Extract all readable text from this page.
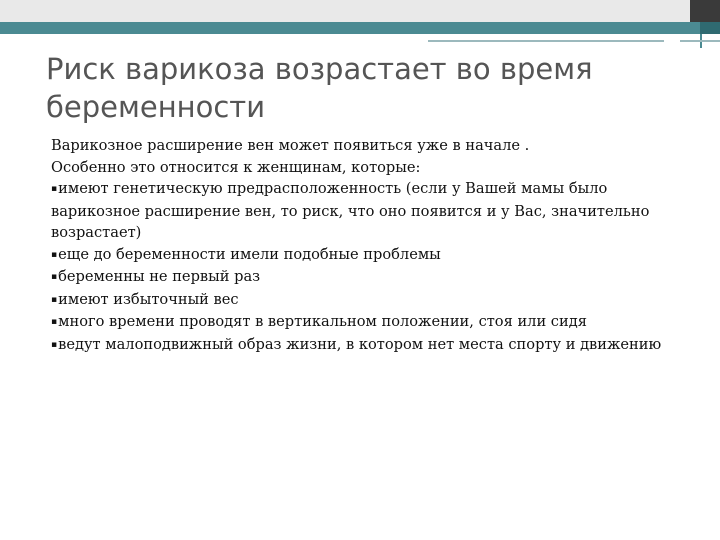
Риск варикоза возрастает во время беременности

Варикозное расширение вен может появиться уже в начале .

Особенно это относится к женщинам, которые:

▪имеют генетическую предрасположенность (если у Вашей мамы было варикозное расширение вен, то риск, что оно появится и у Вас, значительно возрастает)

▪еще до беременности имели подобные проблемы

▪беременны не первый раз

▪имеют избыточный вес

▪много времени проводят в вертикальном положении, стоя или сидя

▪ведут малоподвижный образ жизни, в котором нет места спорту и движению
